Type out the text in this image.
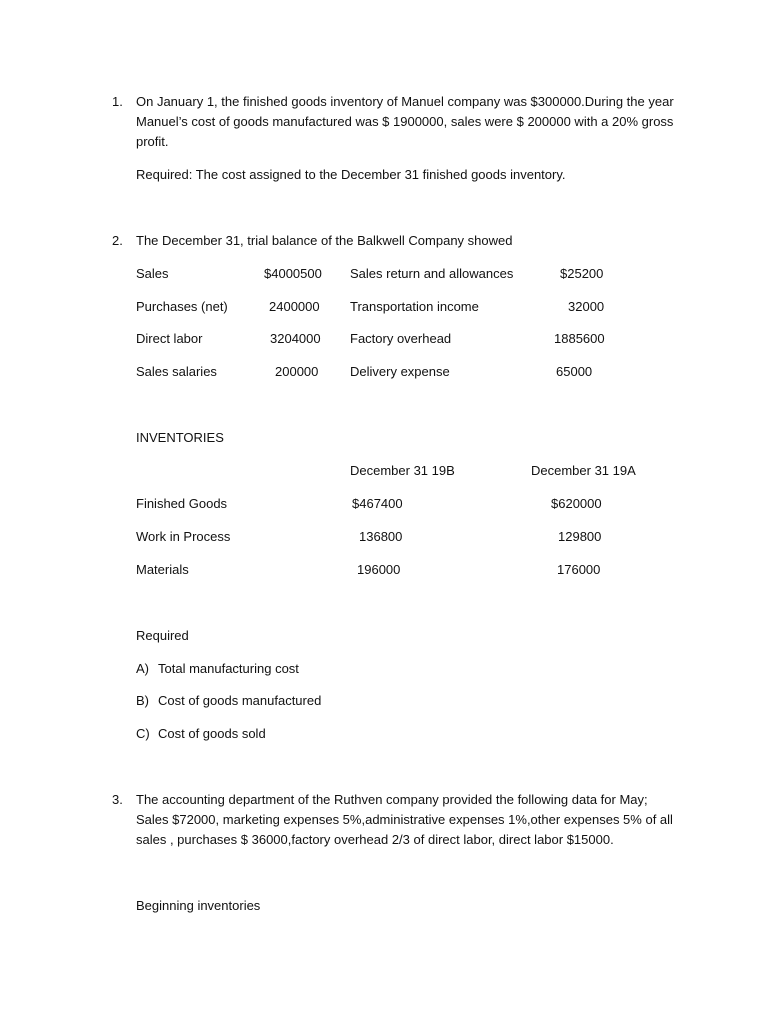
1. On January 1, the finished goods inventory of Manuel company was $300000.During the year Manuel’s cost of goods manufactured was $ 1900000, sales were $ 200000 with a 20% gross profit.
Required: The cost assigned to the December 31 finished goods inventory.
2. The December 31, trial balance of the Balkwell Company showed
Sales	$4000500 Sales return and allowances	$25200
Purchases (net)	2400000 Transportation income	32000
Direct labor	3204000 Factory overhead	1885600
Sales salaries	200000 Delivery expense	65000
INVENTORIES
December 31 19B	December 31 19A
Finished Goods	$467400	$620000
Work in Process	136800	129800
Materials	196000	176000
Required
A) Total manufacturing cost
B) Cost of goods manufactured
C) Cost of goods sold
3. The accounting department of the Ruthven company provided the following data for May; Sales $72000, marketing expenses 5%,administrative expenses 1%,other expenses 5% of all sales , purchases $ 36000,factory overhead 2/3 of direct labor, direct labor $15000.
Beginning inventories
